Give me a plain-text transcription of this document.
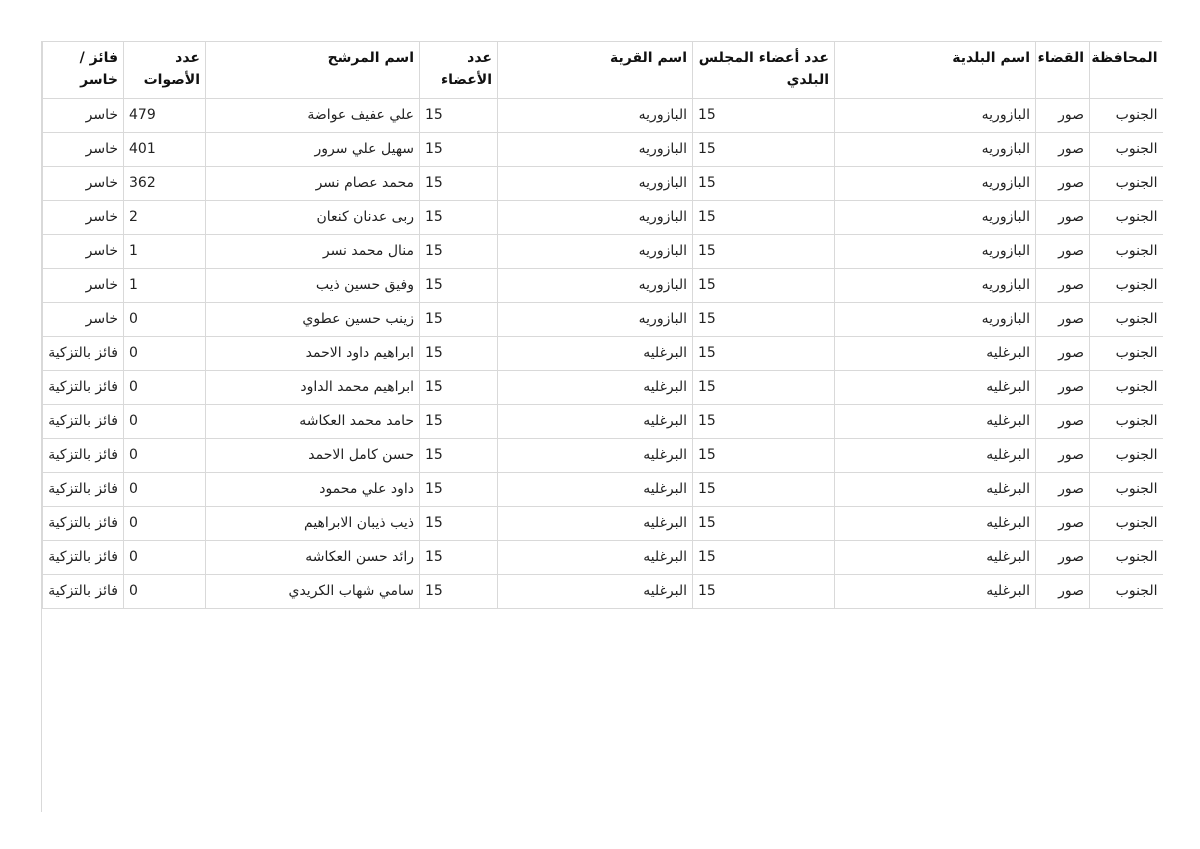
المحافظة	القضاء	اسم البلدية	عدد أعضاء المجلس البلدي	اسم القرية	عدد الأعضاء	اسم المرشح	عدد الأصوات	فائز / خاسر
الجنوب	صور	البازوريه	15	البازوريه	15	علي عفيف عواضة	479	خاسر
الجنوب	صور	البازوريه	15	البازوريه	15	سهيل علي سرور	401	خاسر
الجنوب	صور	البازوريه	15	البازوريه	15	محمد عصام نسر	362	خاسر
الجنوب	صور	البازوريه	15	البازوريه	15	ربى عدنان كنعان	2	خاسر
الجنوب	صور	البازوريه	15	البازوريه	15	منال محمد نسر	1	خاسر
الجنوب	صور	البازوريه	15	البازوريه	15	وفيق حسين ذيب	1	خاسر
الجنوب	صور	البازوريه	15	البازوريه	15	زينب حسين عطوي	0	خاسر
الجنوب	صور	البرغليه	15	البرغليه	15	ابراهيم داود الاحمد	0	فائز بالتزكية
الجنوب	صور	البرغليه	15	البرغليه	15	ابراهيم محمد الداود	0	فائز بالتزكية
الجنوب	صور	البرغليه	15	البرغليه	15	حامد محمد العكاشه	0	فائز بالتزكية
الجنوب	صور	البرغليه	15	البرغليه	15	حسن كامل الاحمد	0	فائز بالتزكية
الجنوب	صور	البرغليه	15	البرغليه	15	داود علي محمود	0	فائز بالتزكية
الجنوب	صور	البرغليه	15	البرغليه	15	ذيب ذيبان الابراهيم	0	فائز بالتزكية
الجنوب	صور	البرغليه	15	البرغليه	15	رائد حسن العكاشه	0	فائز بالتزكية
الجنوب	صور	البرغليه	15	البرغليه	15	سامي شهاب الكريدي	0	فائز بالتزكية
